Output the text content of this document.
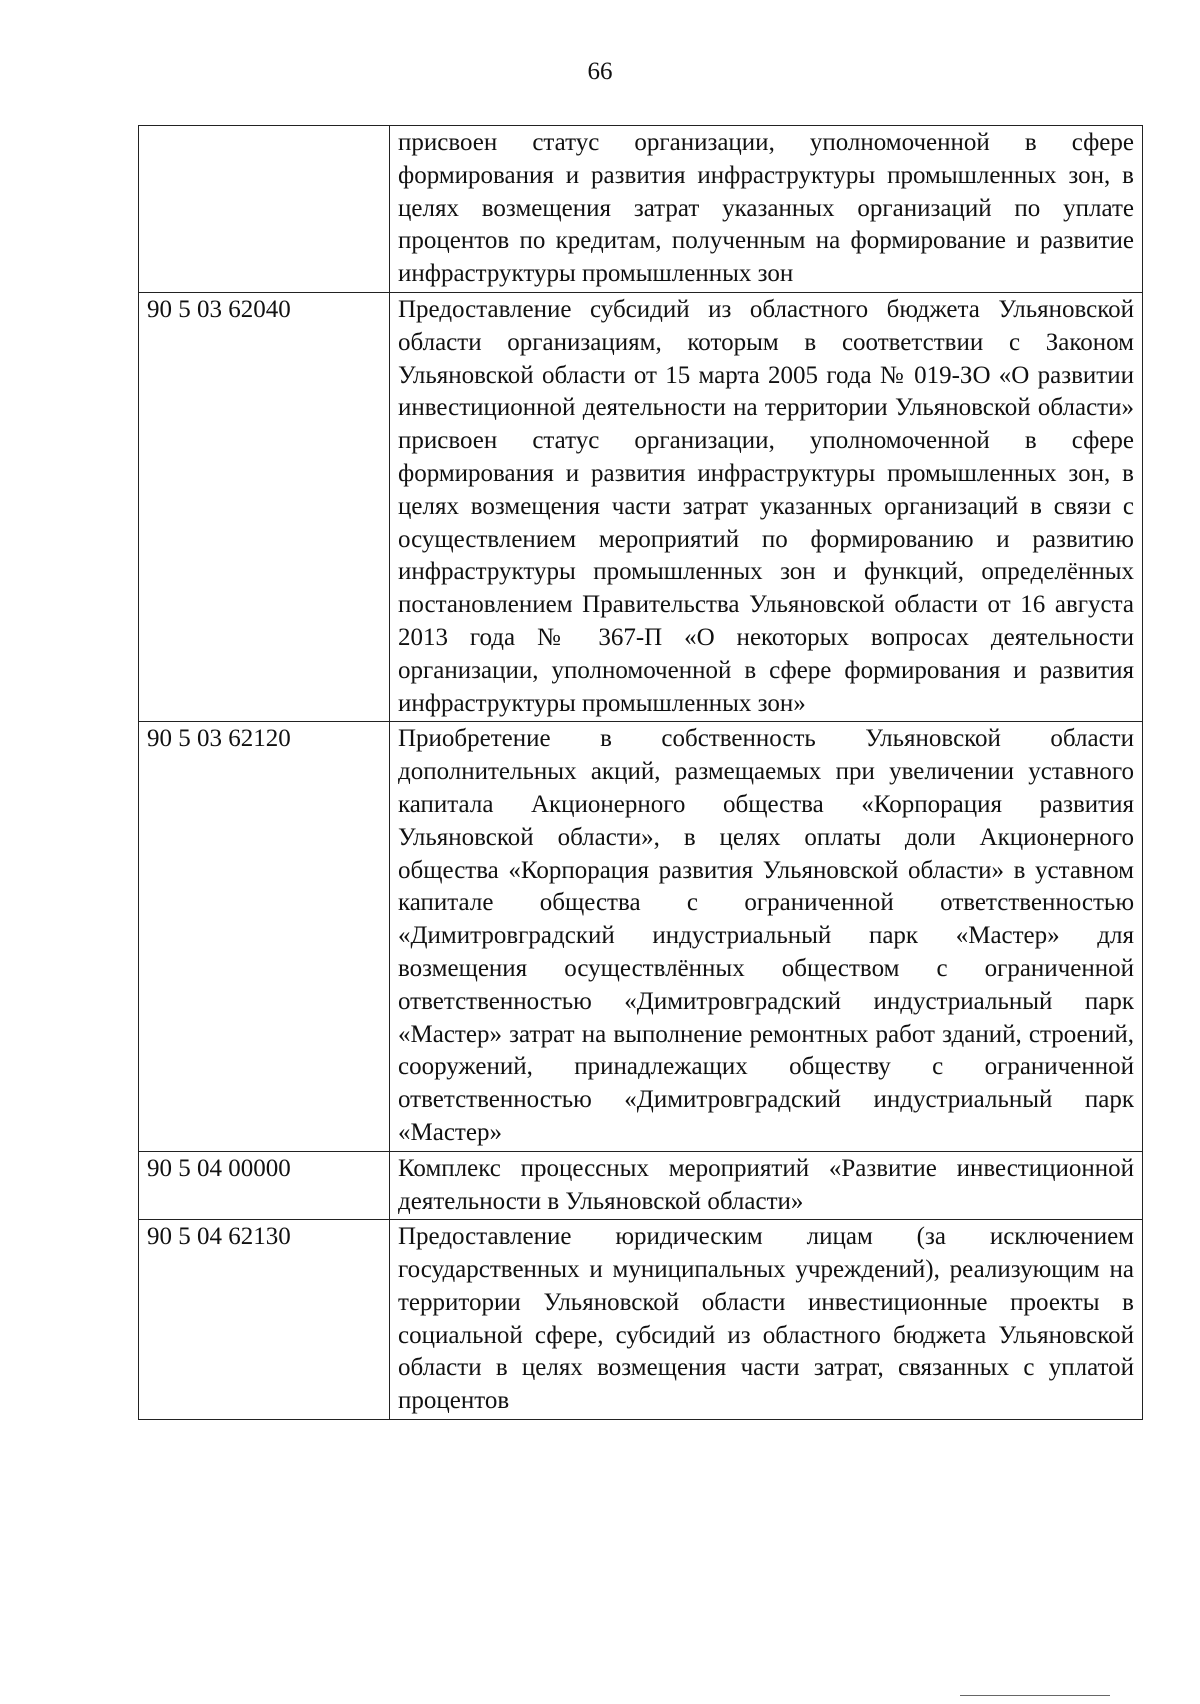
66
	присвоен статус организации, уполномоченной в сфере формирования и развития инфраструктуры промышленных зон, в целях возмещения затрат указанных организаций по уплате процентов по кредитам, полученным на формирование и развитие инфраструктуры промышленных зон
90 5 03 62040	Предоставление субсидий из областного бюджета Ульяновской области организациям, которым в соответствии с Законом Ульяновской области от 15 марта 2005 года № 019-ЗО «О развитии инвестиционной деятельности на территории Ульяновской области» присвоен статус организации, уполномоченной в сфере формирования и развития инфраструктуры промышленных зон, в целях возмещения части затрат указанных организаций в связи с осуществлением мероприятий по формированию и развитию инфраструктуры промышленных зон и функций, определённых постановлением Правительства Ульяновской области от 16 августа 2013 года № 367-П «О некоторых вопросах деятельности организации, уполномоченной в сфере формирования и развития инфраструктуры промышленных зон»
90 5 03 62120	Приобретение в собственность Ульяновской области дополнительных акций, размещаемых при увеличении уставного капитала Акционерного общества «Корпорация развития Ульяновской области», в целях оплаты доли Акционерного общества «Корпорация развития Ульяновской области» в уставном капитале общества с ограниченной ответственностью «Димитровградский индустриальный парк «Мастер» для возмещения осуществлённых обществом с ограниченной ответственностью «Димитровградский индустриальный парк «Мастер» затрат на выполнение ремонтных работ зданий, строений, сооружений, принадлежащих обществу с ограниченной ответственностью «Димитровградский индустриальный парк «Мастер»
90 5 04 00000	Комплекс процессных мероприятий «Развитие инвестиционной деятельности в Ульяновской области»
90 5 04 62130	Предоставление юридическим лицам (за исключением государственных и муниципальных учреждений), реализующим на территории Ульяновской области инвестиционные проекты в социальной сфере, субсидий из областного бюджета Ульяновской области в целях возмещения части затрат, связанных с уплатой процентов
